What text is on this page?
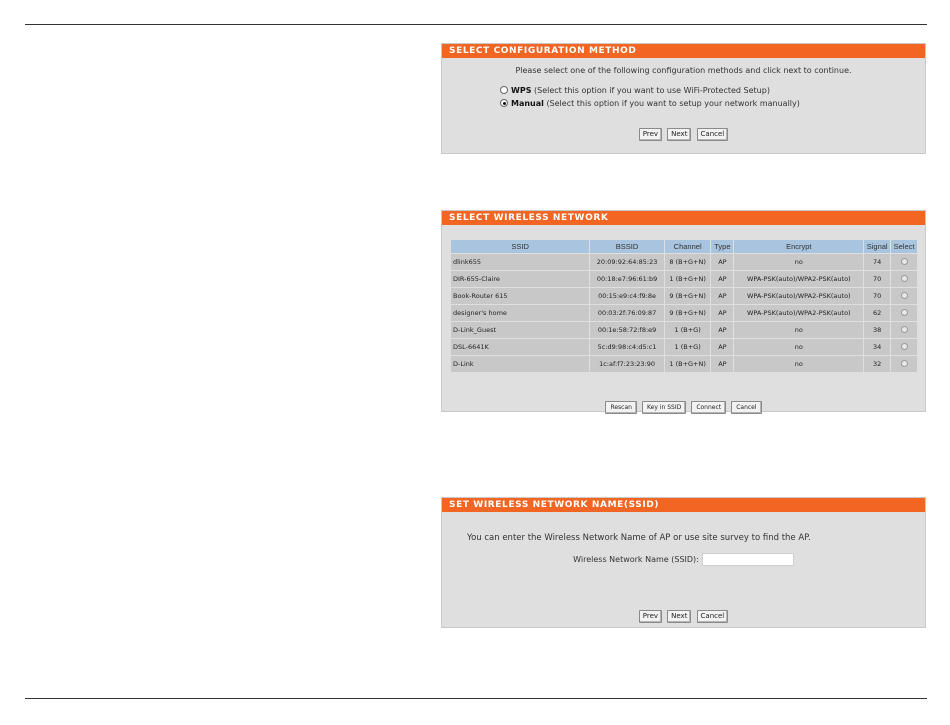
SELECT CONFIGURATION METHOD
Please select one of the following configuration methods and click next to continue.
WPS (Select this option if you want to use WiFi-Protected Setup)
Manual (Select this option if you want to setup your network manually)
Prev Next Cancel
SELECT WIRELESS NETWORK
SSID	BSSID	Channel	Type	Encrypt	Signal	Select
dlink655	20:09:92:64:85:23	8 (B+G+N)	AP	no	74	
DIR-655-Claire	00:18:e7:96:61:b9	1 (B+G+N)	AP	WPA-PSK(auto)/WPA2-PSK(auto)	70	
Book-Router 615	00:15:e9:c4:f9:8e	9 (B+G+N)	AP	WPA-PSK(auto)/WPA2-PSK(auto)	70	
designer's home	00:03:2f:76:09:87	9 (B+G+N)	AP	WPA-PSK(auto)/WPA2-PSK(auto)	62	
D-Link_Guest	00:1e:58:72:f8:e9	1 (B+G)	AP	no	38	
DSL-6641K	5c:d9:98:c4:d5:c1	1 (B+G)	AP	no	34	
D-Link	1c:af:f7:23:23:90	1 (B+G+N)	AP	no	32	
Rescan	Key in SSID	Connect	Cancel
SET WIRELESS NETWORK NAME(SSID)
You can enter the Wireless Network Name of AP or use site survey to find the AP.
Wireless Network Name (SSID):
Prev Next Cancel
